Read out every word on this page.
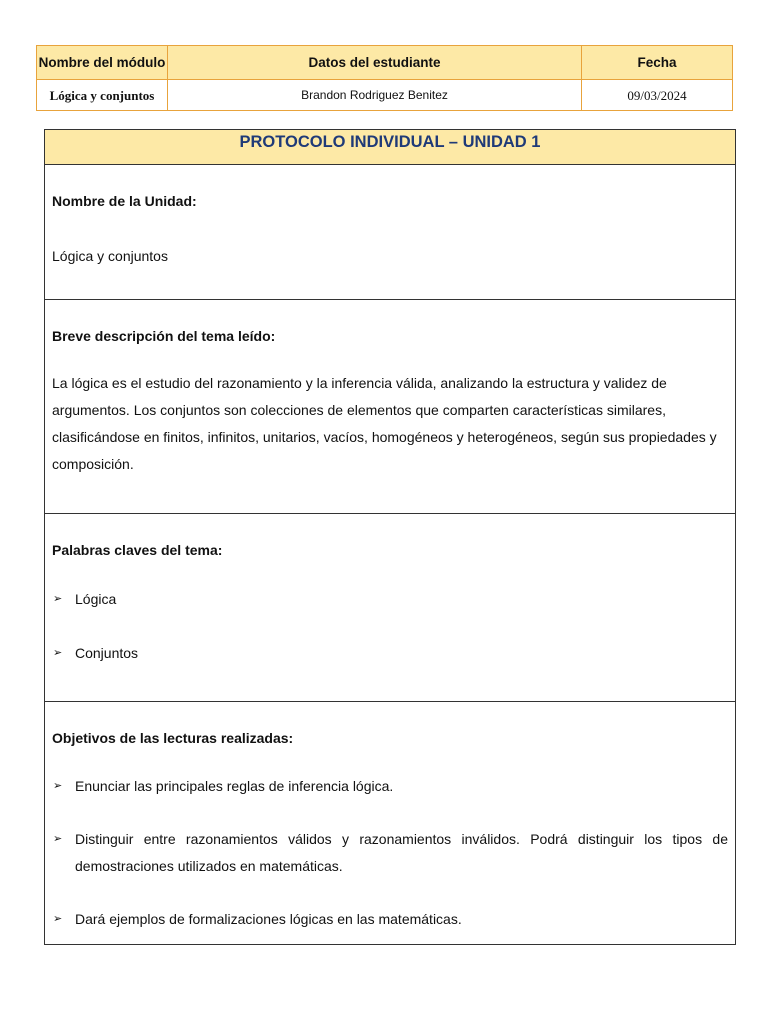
Nombre del módulo	Datos del estudiante	Fecha
Lógica y conjuntos	Brandon Rodriguez Benitez	09/03/2024
PROTOCOLO INDIVIDUAL – UNIDAD 1

Nombre de la Unidad:

Lógica y conjuntos

Breve descripción del tema leído:

La lógica es el estudio del razonamiento y la inferencia válida, analizando la estructura y validez de argumentos. Los conjuntos son colecciones de elementos que comparten características similares, clasificándose en finitos, infinitos, unitarios, vacíos, homogéneos y heterogéneos, según sus propiedades y composición.

Palabras claves del tema:

➢ Lógica
➢ Conjuntos

Objetivos de las lecturas realizadas:

➢ Enunciar las principales reglas de inferencia lógica.
➢ Distinguir entre razonamientos válidos y razonamientos inválidos. Podrá distinguir los tipos de demostraciones utilizados en matemáticas.
➢ Dará ejemplos de formalizaciones lógicas en las matemáticas.
